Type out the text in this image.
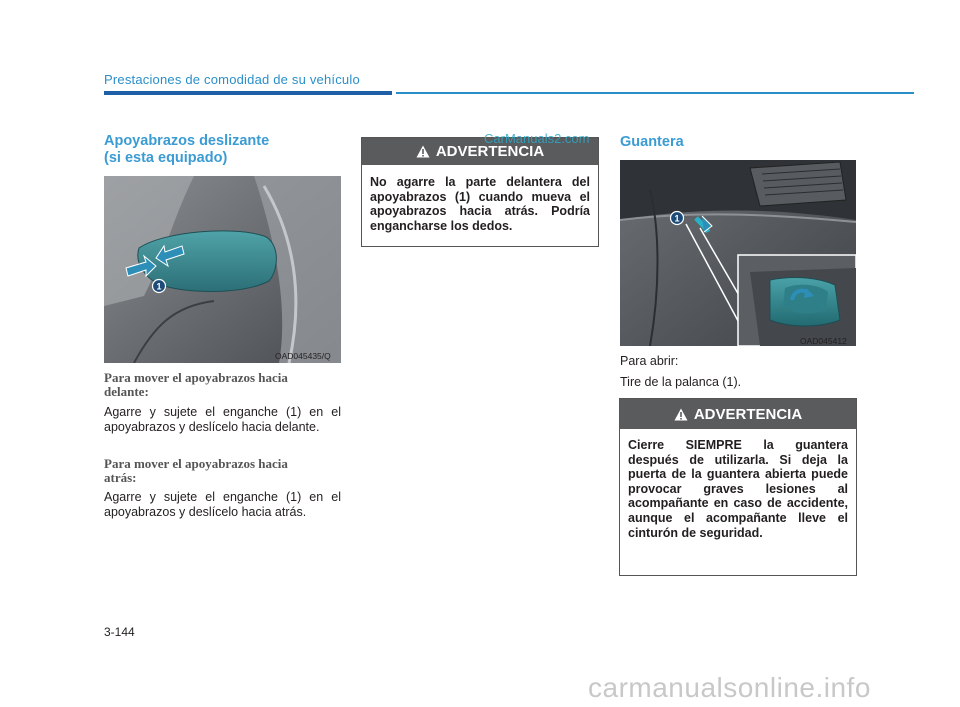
Prestaciones de comodidad de su vehículo
Apoyabrazos deslizante
(si esta equipado)
1
OAD045435/Q
Para mover el apoyabrazos hacia
delante:
Agarre y sujete el enganche (1) en el apoyabrazos y deslícelo hacia delante.
Para mover el apoyabrazos hacia
atrás:
Agarre y sujete el enganche (1) en el apoyabrazos y deslícelo hacia atrás.
ADVERTENCIA
No agarre la parte delantera del apoyabrazos (1) cuando mueva el apoyabrazos hacia atrás. Podría engancharse los dedos.
CarManuals2.com Guantera
1
OAD045412
Para abrir:
Tire de la palanca (1).
ADVERTENCIA
Cierre SIEMPRE la guantera después de utilizarla. Si deja la puerta de la guantera abierta puede provocar graves lesiones al acompañante en caso de accidente, aunque el acompañante lleve el cinturón de seguridad.
3-144
carmanualsonline.info
